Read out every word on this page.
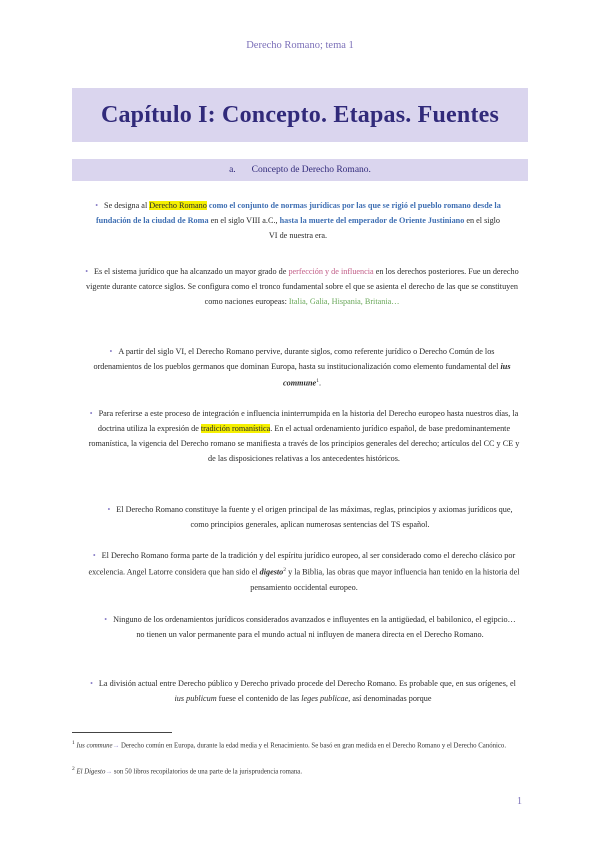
Derecho Romano; tema 1
Capítulo I: Concepto. Etapas. Fuentes
a. Concepto de Derecho Romano.
• Se designa al Derecho Romano como el conjunto de normas jurídicas por las que se rigió el pueblo romano desde la fundación de la ciudad de Roma en el siglo VIII a.C., hasta la muerte del emperador de Oriente Justiniano en el siglo VI de nuestra era.
• Es el sistema jurídico que ha alcanzado un mayor grado de perfección y de influencia en los derechos posteriores. Fue un derecho vigente durante catorce siglos. Se configura como el tronco fundamental sobre el que se asienta el derecho de las que se constituyen como naciones europeas: Italia, Galia, Hispania, Britania…
• A partir del siglo VI, el Derecho Romano pervive, durante siglos, como referente jurídico o Derecho Común de los ordenamientos de los pueblos germanos que dominan Europa, hasta su institucionalización como elemento fundamental del ius commune$^1$.
• Para referirse a este proceso de integración e influencia ininterrumpida en la historia del Derecho europeo hasta nuestros días, la doctrina utiliza la expresión de tradición romanística. En el actual ordenamiento jurídico español, de base predominantemente romanística, la vigencia del Derecho romano se manifiesta a través de los principios generales del derecho; artículos del CC y CE y de las disposiciones relativas a los antecedentes históricos.
• El Derecho Romano constituye la fuente y el origen principal de las máximas, reglas, principios y axiomas jurídicos que, como principios generales, aplican numerosas sentencias del TS español.
• El Derecho Romano forma parte de la tradición y del espíritu jurídico europeo, al ser considerado como el derecho clásico por excelencia. Angel Latorre considera que han sido el digesto$^2$ y la Biblia, las obras que mayor influencia han tenido en la historia del pensamiento occidental europeo.
• Ninguno de los ordenamientos jurídicos considerados avanzados e influyentes en la antigüedad, el babilonico, el egipcio… no tienen un valor permanente para el mundo actual ni influyen de manera directa en el Derecho Romano.
• La división actual entre Derecho público y Derecho privado procede del Derecho Romano. Es probable que, en sus orígenes, el ius publicum fuese el contenido de las leges publicae, así denominadas porque
$^1$ Ius commune→ Derecho común en Europa, durante la edad media y el Renacimiento. Se basó en gran medida en el Derecho Romano y el Derecho Canónico.
$^2$ El Digesto→ son 50 libros recopilatorios de una parte de la jurisprudencia romana.
1
